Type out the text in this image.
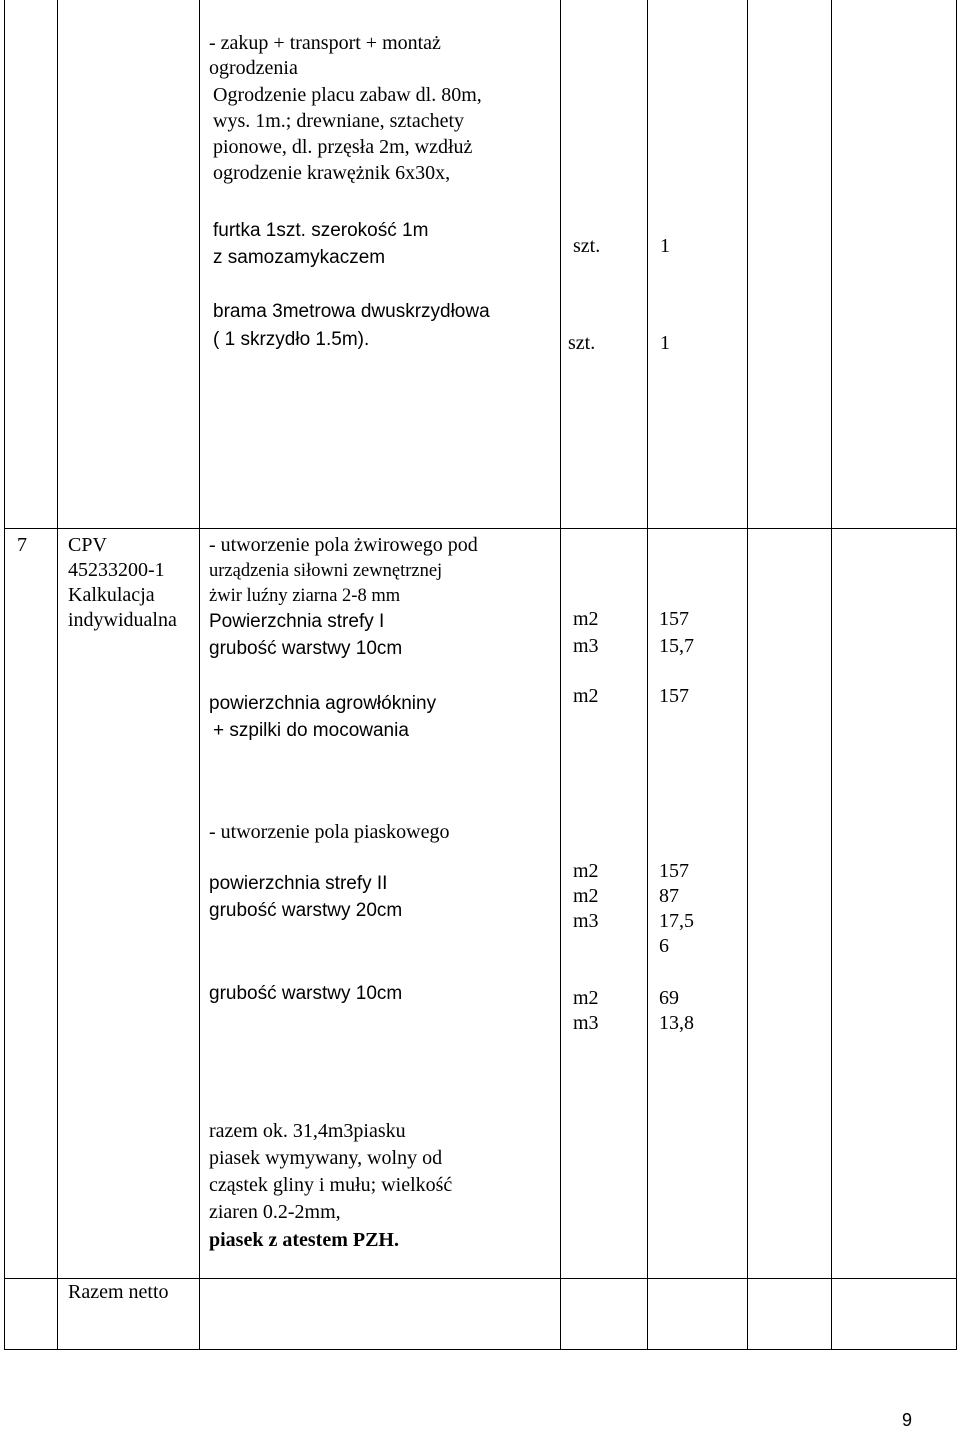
- zakup + transport + montaż
ogrodzenia
Ogrodzenie placu zabaw dl. 80m,
wys. 1m.; drewniane, sztachety
pionowe, dl. przęsła 2m, wzdłuż
ogrodzenie krawężnik 6x30x,
furtka 1szt. szerokość 1m
z samozamykaczem
brama 3metrowa dwuskrzydłowa
( 1 skrzydło 1.5m).
szt.
szt.
1
1
7 CPV
45233200-1
Kalkulacja
indywidualna
- utworzenie pola żwirowego pod
urządzenia siłowni zewnętrznej
żwir luźny ziarna 2-8 mm
Powierzchnia strefy I
grubość warstwy 10cm
powierzchnia agrowłókniny
+ szpilki do mocowania
- utworzenie pola piaskowego
powierzchnia strefy II
grubość warstwy 20cm
grubość warstwy 10cm
razem ok. 31,4m3piasku
piasek wymywany, wolny od
cząstek gliny i mułu; wielkość
ziaren 0.2-2mm,
piasek z atestem PZH.
m2
m3
m2
m2
m2
m3
m2
m3
157
15,7
157
157
87
17,5
6
69
13,8
Razem netto
9
